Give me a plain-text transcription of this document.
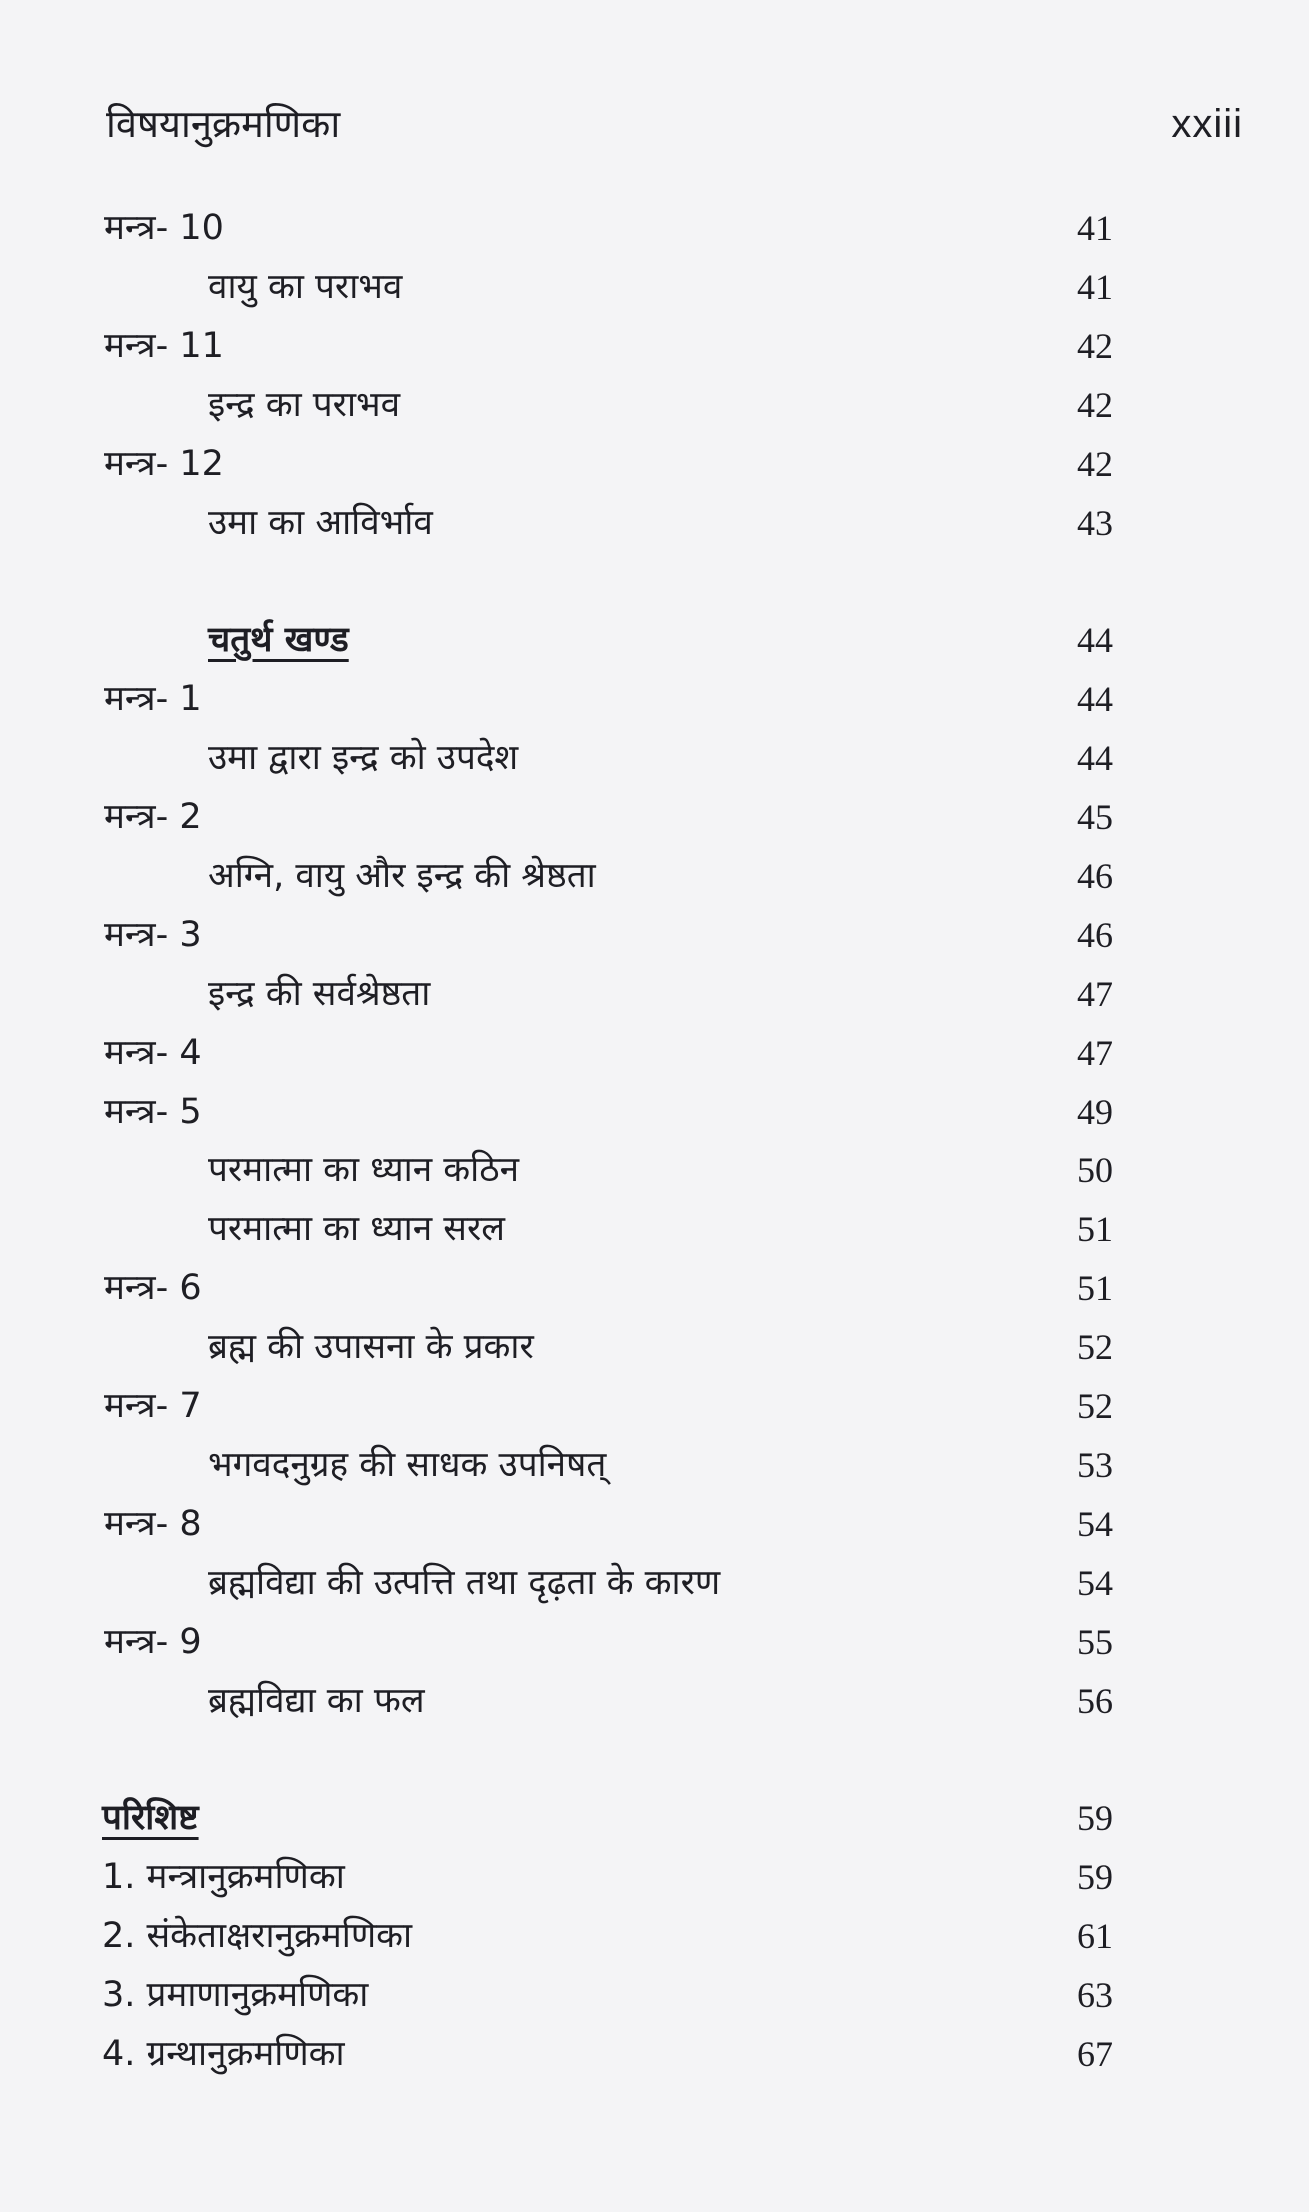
विषयानुक्रमणिका	xxiii
मन्त्र- 10	41
वायु का पराभव	41
मन्त्र- 11	42
इन्द्र का पराभव	42
मन्त्र- 12	42
उमा का आविर्भाव	43
चतुर्थ खण्ड	44
मन्त्र- 1	44
उमा द्वारा इन्द्र को उपदेश	44
मन्त्र- 2	45
अग्नि, वायु और इन्द्र की श्रेष्ठता	46
मन्त्र- 3	46
इन्द्र की सर्वश्रेष्ठता	47
मन्त्र- 4	47
मन्त्र- 5	49
परमात्मा का ध्यान कठिन	50
परमात्मा का ध्यान सरल	51
मन्त्र- 6	51
ब्रह्म की उपासना के प्रकार	52
मन्त्र- 7	52
भगवदनुग्रह की साधक उपनिषत्	53
मन्त्र- 8	54
ब्रह्मविद्या की उत्पत्ति तथा दृढ़ता के कारण	54
मन्त्र- 9	55
ब्रह्मविद्या का फल	56
परिशिष्ट	59
1. मन्त्रानुक्रमणिका	59
2. संकेताक्षरानुक्रमणिका	61
3. प्रमाणानुक्रमणिका	63
4. ग्रन्थानुक्रमणिका	67
